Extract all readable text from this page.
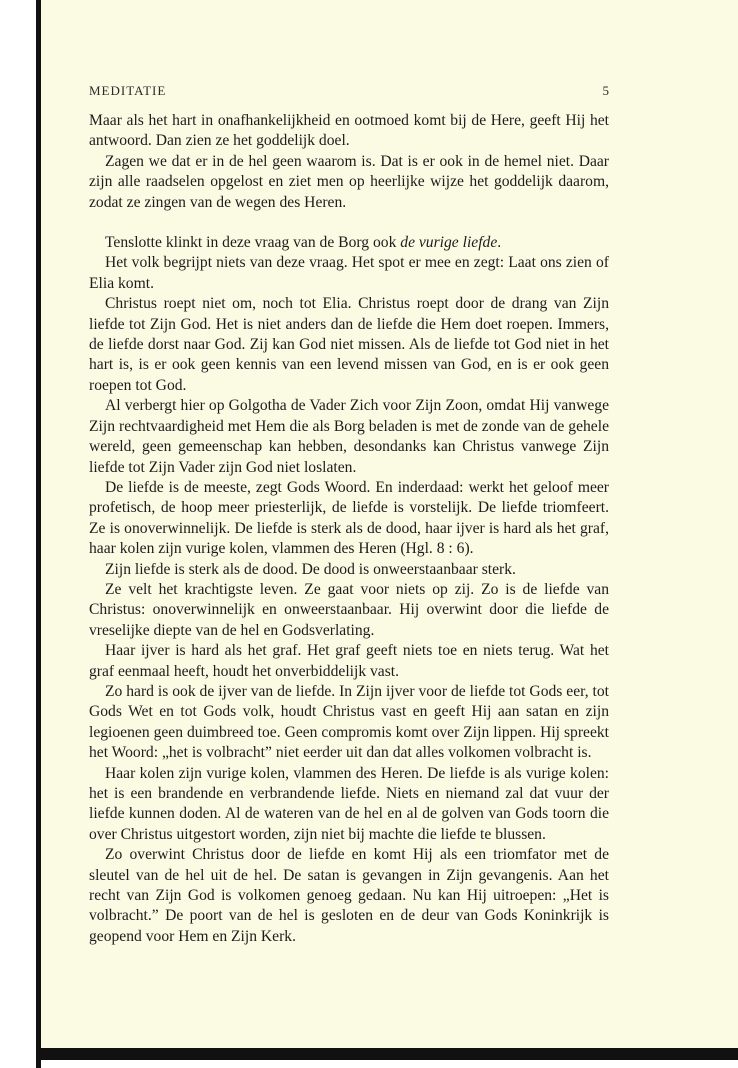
MEDITATIE	5

Maar als het hart in onafhankelijkheid en ootmoed komt bij de Here, geeft Hij het antwoord. Dan zien ze het goddelijk doel.

Zagen we dat er in de hel geen waarom is. Dat is er ook in de hemel niet. Daar zijn alle raadselen opgelost en ziet men op heerlijke wijze het goddelijk daarom, zodat ze zingen van de wegen des Heren.

Tenslotte klinkt in deze vraag van de Borg ook de vurige liefde.

Het volk begrijpt niets van deze vraag. Het spot er mee en zegt: Laat ons zien of Elia komt.

Christus roept niet om, noch tot Elia. Christus roept door de drang van Zijn liefde tot Zijn God. Het is niet anders dan de liefde die Hem doet roepen. Immers, de liefde dorst naar God. Zij kan God niet missen. Als de liefde tot God niet in het hart is, is er ook geen kennis van een levend missen van God, en is er ook geen roepen tot God.

Al verbergt hier op Golgotha de Vader Zich voor Zijn Zoon, omdat Hij vanwege Zijn rechtvaardigheid met Hem die als Borg beladen is met de zonde van de gehele wereld, geen gemeenschap kan hebben, desondanks kan Christus vanwege Zijn liefde tot Zijn Vader zijn God niet loslaten.

De liefde is de meeste, zegt Gods Woord. En inderdaad: werkt het geloof meer profetisch, de hoop meer priesterlijk, de liefde is vorstelijk. De liefde triomfeert. Ze is onoverwinnelijk. De liefde is sterk als de dood, haar ijver is hard als het graf, haar kolen zijn vurige kolen, vlammen des Heren (Hgl. 8 : 6).

Zijn liefde is sterk als de dood. De dood is onweerstaanbaar sterk.

Ze velt het krachtigste leven. Ze gaat voor niets op zij. Zo is de liefde van Christus: onoverwinnelijk en onweerstaanbaar. Hij overwint door die liefde de vreselijke diepte van de hel en Godsverlating.

Haar ijver is hard als het graf. Het graf geeft niets toe en niets terug. Wat het graf eenmaal heeft, houdt het onverbiddelijk vast.

Zo hard is ook de ijver van de liefde. In Zijn ijver voor de liefde tot Gods eer, tot Gods Wet en tot Gods volk, houdt Christus vast en geeft Hij aan satan en zijn legioenen geen duimbreed toe. Geen compromis komt over Zijn lippen. Hij spreekt het Woord: „het is volbracht” niet eerder uit dan dat alles volkomen volbracht is.

Haar kolen zijn vurige kolen, vlammen des Heren. De liefde is als vurige kolen: het is een brandende en verbrandende liefde. Niets en niemand zal dat vuur der liefde kunnen doden. Al de wateren van de hel en al de golven van Gods toorn die over Christus uitgestort worden, zijn niet bij machte die liefde te blussen.

Zo overwint Christus door de liefde en komt Hij als een triomfator met de sleutel van de hel uit de hel. De satan is gevangen in Zijn gevangenis. Aan het recht van Zijn God is volkomen genoeg gedaan. Nu kan Hij uitroepen: „Het is volbracht.” De poort van de hel is gesloten en de deur van Gods Koninkrijk is geopend voor Hem en Zijn Kerk.
